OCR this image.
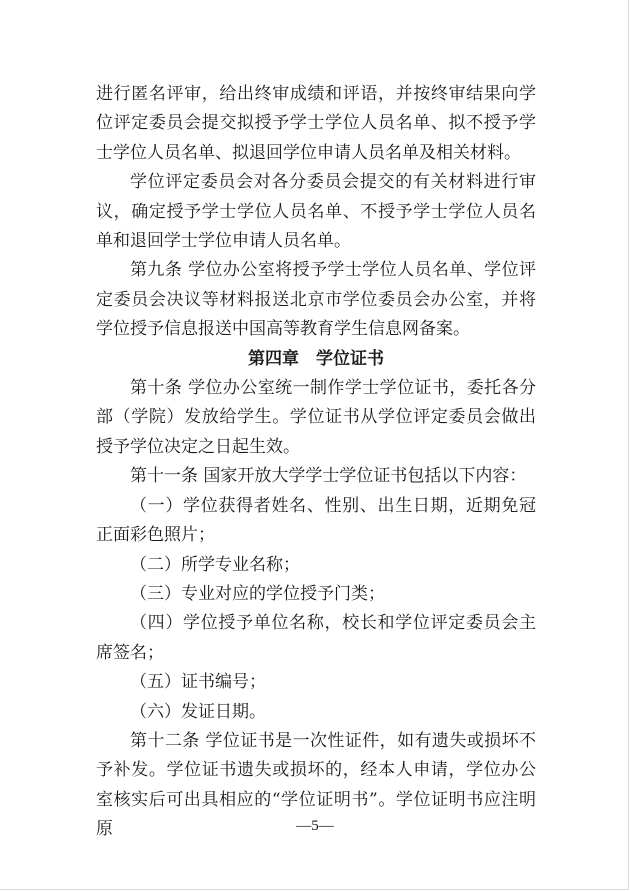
进行匿名评审，给出终审成绩和评语，并按终审结果向学位评定委员会提交拟授予学士学位人员名单、拟不授予学士学位人员名单、拟退回学位申请人员名单及相关材料。

学位评定委员会对各分委员会提交的有关材料进行审议，确定授予学士学位人员名单、不授予学士学位人员名单和退回学士学位申请人员名单。

第九条 学位办公室将授予学士学位人员名单、学位评定委员会决议等材料报送北京市学位委员会办公室，并将学位授予信息报送中国高等教育学生信息网备案。

第四章　学位证书

第十条 学位办公室统一制作学士学位证书，委托各分部（学院）发放给学生。学位证书从学位评定委员会做出授予学位决定之日起生效。

第十一条 国家开放大学学士学位证书包括以下内容：

（一）学位获得者姓名、性别、出生日期，近期免冠正面彩色照片；

（二）所学专业名称；

（三）专业对应的学位授予门类；

（四）学位授予单位名称，校长和学位评定委员会主席签名；

（五）证书编号；

（六）发证日期。

第十二条 学位证书是一次性证件，如有遗失或损坏不予补发。学位证书遗失或损坏的，经本人申请，学位办公室核实后可出具相应的“学位证明书”。学位证明书应注明原	—5—
